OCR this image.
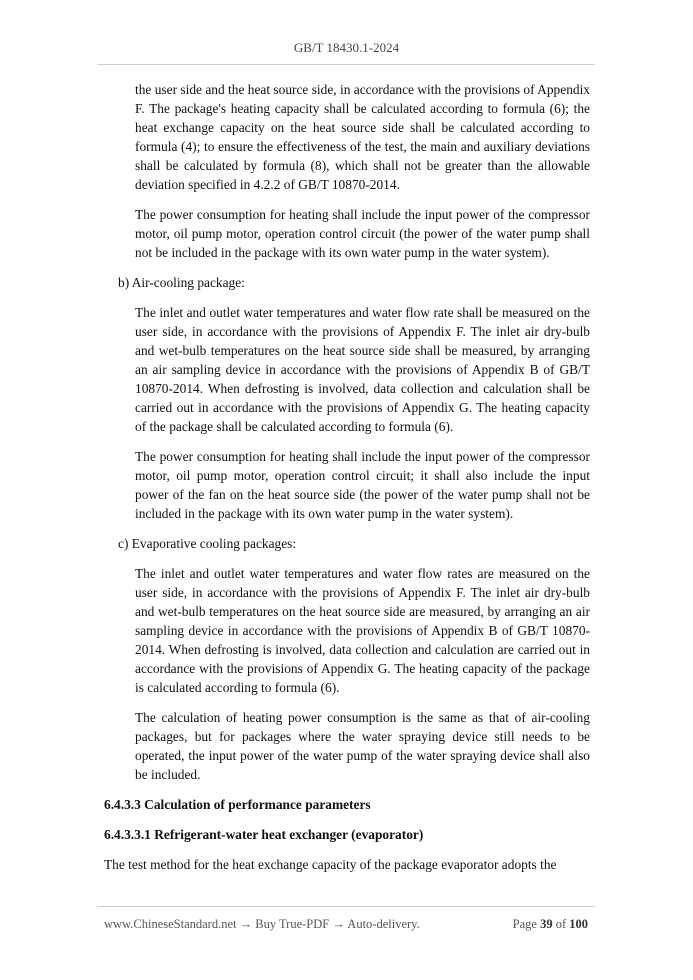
GB/T 18430.1-2024

the user side and the heat source side, in accordance with the provisions of Appendix F. The package's heating capacity shall be calculated according to formula (6); the heat exchange capacity on the heat source side shall be calculated according to formula (4); to ensure the effectiveness of the test, the main and auxiliary deviations shall be calculated by formula (8), which shall not be greater than the allowable deviation specified in 4.2.2 of GB/T 10870-2014.

The power consumption for heating shall include the input power of the compressor motor, oil pump motor, operation control circuit (the power of the water pump shall not be included in the package with its own water pump in the water system).

b) Air-cooling package:

The inlet and outlet water temperatures and water flow rate shall be measured on the user side, in accordance with the provisions of Appendix F. The inlet air dry-bulb and wet-bulb temperatures on the heat source side shall be measured, by arranging an air sampling device in accordance with the provisions of Appendix B of GB/T 10870-2014. When defrosting is involved, data collection and calculation shall be carried out in accordance with the provisions of Appendix G. The heating capacity of the package shall be calculated according to formula (6).

The power consumption for heating shall include the input power of the compressor motor, oil pump motor, operation control circuit; it shall also include the input power of the fan on the heat source side (the power of the water pump shall not be included in the package with its own water pump in the water system).

c) Evaporative cooling packages:

The inlet and outlet water temperatures and water flow rates are measured on the user side, in accordance with the provisions of Appendix F. The inlet air dry-bulb and wet-bulb temperatures on the heat source side are measured, by arranging an air sampling device in accordance with the provisions of Appendix B of GB/T 10870-2014. When defrosting is involved, data collection and calculation are carried out in accordance with the provisions of Appendix G. The heating capacity of the package is calculated according to formula (6).

The calculation of heating power consumption is the same as that of air-cooling packages, but for packages where the water spraying device still needs to be operated, the input power of the water pump of the water spraying device shall also be included.

6.4.3.3 Calculation of performance parameters

6.4.3.3.1 Refrigerant-water heat exchanger (evaporator)

The test method for the heat exchange capacity of the package evaporator adopts the

www.ChineseStandard.net → Buy True-PDF → Auto-delivery.	Page 39 of 100
